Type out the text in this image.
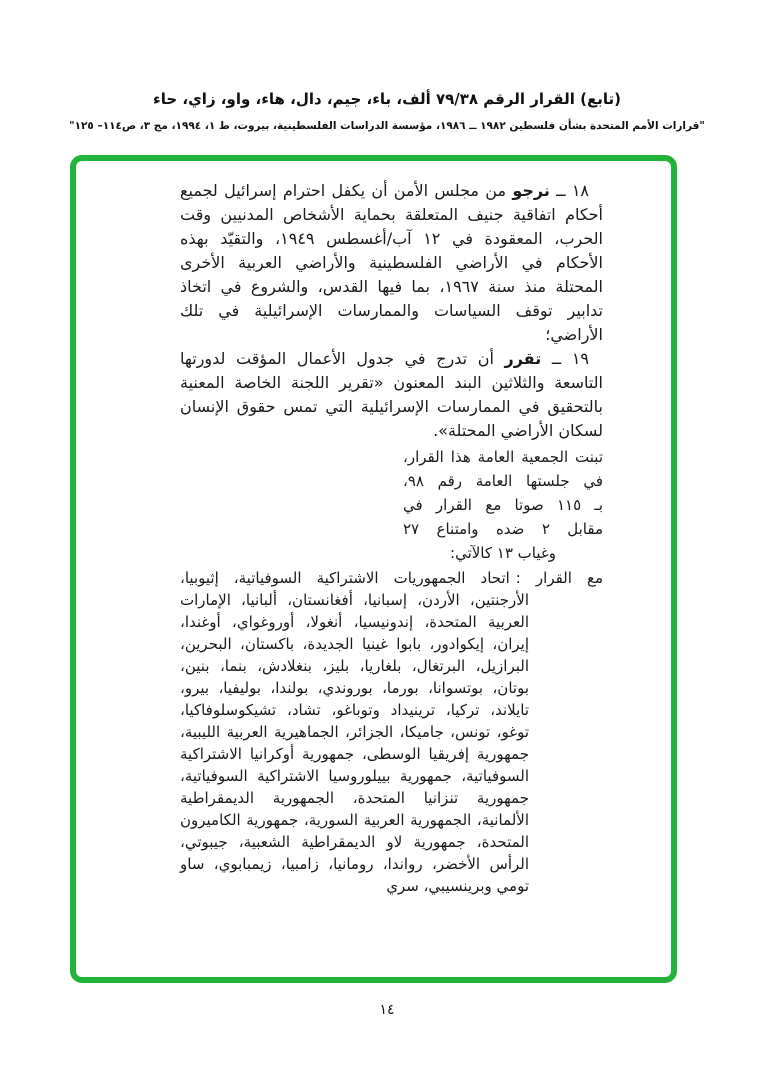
(تابع) القرار الرقم ٧٩/٣٨ ألف، باء، جيم، دال، هاء، واو، زاي، حاء
"قرارات الأمم المتحدة بشأن فلسطين ١٩٨٢ ــ ١٩٨٦، مؤسسة الدراسات الفلسطينية، بيروت، ط ١، ١٩٩٤، مج ٣، ص١١٤– ١٢٥"

١٨ ــ نرجو من مجلس الأمن أن يكفل احترام إسرائيل لجميع أحكام اتفاقية جنيف المتعلقة بحماية الأشخاص المدنيين وقت الحرب، المعقودة في ١٢ آب/أغسطس ١٩٤٩، والتقيّد بهذه الأحكام في الأراضي الفلسطينية والأراضي العربية الأخرى المحتلة منذ سنة ١٩٦٧، بما فيها القدس، والشروع في اتخاذ تدابير توقف السياسات والممارسات الإسرائيلية في تلك الأراضي؛

١٩ ــ تقرر أن تدرج في جدول الأعمال المؤقت لدورتها التاسعة والثلاثين البند المعنون «تقرير اللجنة الخاصة المعنية بالتحقيق في الممارسات الإسرائيلية التي تمس حقوق الإنسان لسكان الأراضي المحتلة».

تبنت الجمعية العامة هذا القرار،
في جلستها العامة رقم ٩٨،
بـ ١١٥ صوتا مع القرار في
مقابل ٢ ضده وامتناع ٢٧
وغياب ١٣ كالآتي:

مع القرار :اتحاد الجمهوريات الاشتراكية السوفياتية، إثيوبيا، الأرجنتين، الأردن، إسبانيا، أفغانستان، ألبانيا، الإمارات العربية المتحدة، إندونيسيا، أنغولا، أوروغواي، أوغندا، إيران، إيكوادور، بابوا غينيا الجديدة، باكستان، البحرين، البرازيل، البرتغال، بلغاريا، بليز، بنغلادش، بنما، بنين، بوتان، بوتسوانا، بورما، بوروندي، بولندا، بوليفيا، بيرو، تايلاند، تركيا، ترينيداد وتوباغو، تشاد، تشيكوسلوفاكيا، توغو، تونس، جاميكا، الجزائر، الجماهيرية العربية الليبية، جمهورية إفريقيا الوسطى، جمهورية أوكرانيا الاشتراكية السوفياتية، جمهورية بييلوروسيا الاشتراكية السوفياتية، جمهورية تنزانيا المتحدة، الجمهورية الديمقراطية الألمانية، الجمهورية العربية السورية، جمهورية الكاميرون المتحدة، جمهورية لاو الديمقراطية الشعبية، جيبوتي، الرأس الأخضر، رواندا، رومانيا، زامبيا، زيمبابوي، ساو تومي وبرينسيبي، سري

١٤
